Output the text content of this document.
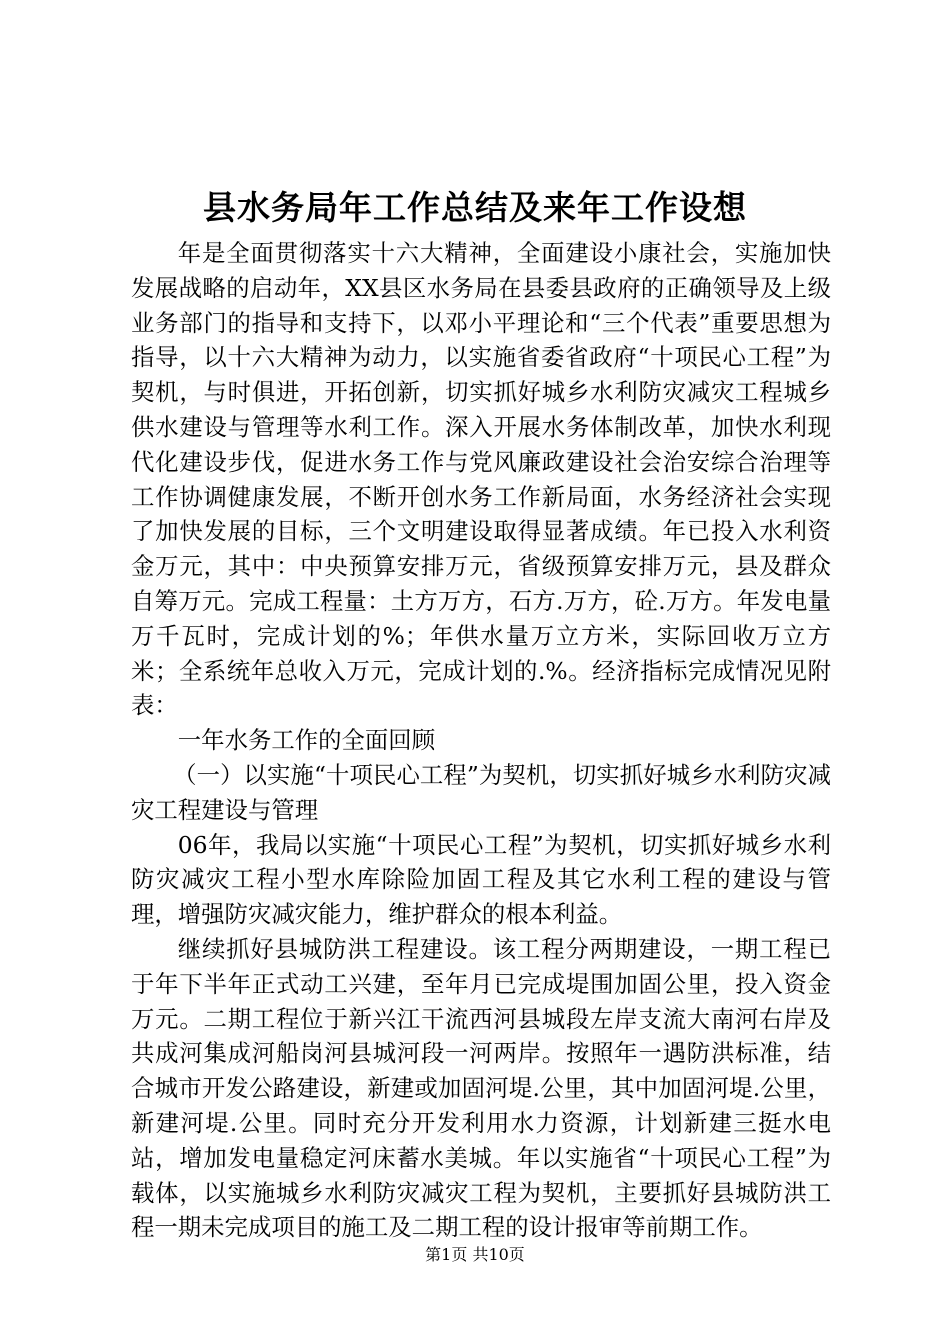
县水务局年工作总结及来年工作设想

年是全面贯彻落实十六大精神，全面建设小康社会，实施加快发展战略的启动年，XX县区水务局在县委县政府的正确领导及上级业务部门的指导和支持下，以邓小平理论和“三个代表”重要思想为指导，以十六大精神为动力，以实施省委省政府“十项民心工程”为契机，与时俱进，开拓创新，切实抓好城乡水利防灾减灾工程城乡供水建设与管理等水利工作。深入开展水务体制改革，加快水利现代化建设步伐，促进水务工作与党风廉政建设社会治安综合治理等工作协调健康发展，不断开创水务工作新局面，水务经济社会实现了加快发展的目标，三个文明建设取得显著成绩。年已投入水利资金万元，其中：中央预算安排万元，省级预算安排万元，县及群众自筹万元。完成工程量：土方万方，石方.万方，砼.万方。年发电量万千瓦时，完成计划的%；年供水量万立方米，实际回收万立方米；全系统年总收入万元，完成计划的.%。经济指标完成情况见附表：

一年水务工作的全面回顾

（一）以实施“十项民心工程”为契机，切实抓好城乡水利防灾减灾工程建设与管理

06年，我局以实施“十项民心工程”为契机，切实抓好城乡水利防灾减灾工程小型水库除险加固工程及其它水利工程的建设与管理，增强防灾减灾能力，维护群众的根本利益。

继续抓好县城防洪工程建设。该工程分两期建设，一期工程已于年下半年正式动工兴建，至年月已完成堤围加固公里，投入资金万元。二期工程位于新兴江干流西河县城段左岸支流大南河右岸及共成河集成河船岗河县城河段一河两岸。按照年一遇防洪标准，结合城市开发公路建设，新建或加固河堤.公里，其中加固河堤.公里，新建河堤.公里。同时充分开发利用水力资源，计划新建三挺水电站，增加发电量稳定河床蓄水美城。年以实施省“十项民心工程”为载体，以实施城乡水利防灾减灾工程为契机，主要抓好县城防洪工程一期未完成项目的施工及二期工程的设计报审等前期工作。

第1页 共10页
